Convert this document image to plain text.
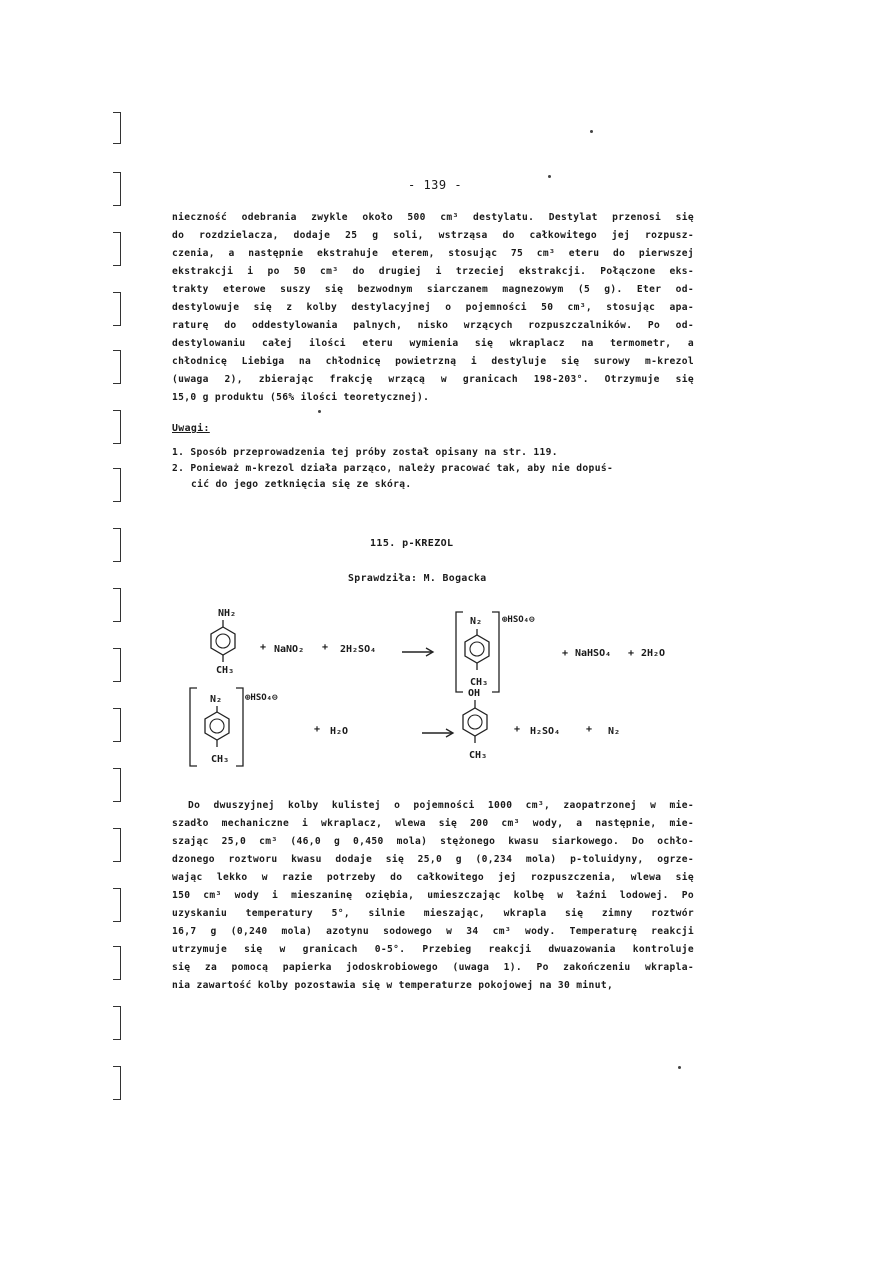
- 139 -
nieczność odebrania zwykle około 500 cm³ destylatu. Destylat przenosi się
do rozdzielacza, dodaje 25 g soli, wstrząsa do całkowitego jej rozpusz-
czenia, a następnie ekstrahuje eterem, stosując 75 cm³ eteru do pierwszej
ekstrakcji i po 50 cm³ do drugiej i trzeciej ekstrakcji. Połączone eks-
trakty eterowe suszy się bezwodnym siarczanem magnezowym (5 g). Eter od-
destylowuje się z kolby destylacyjnej o pojemności 50 cm³, stosując apa-
raturę do oddestylowania palnych, nisko wrzących rozpuszczalników. Po od-
destylowaniu całej ilości eteru wymienia się wkraplacz na termometr, a
chłodnicę Liebiga na chłodnicę powietrzną i destyluje się surowy m-krezol
(uwaga 2), zbierając frakcję wrzącą w granicach 198-203°. Otrzymuje się
15,0 g produktu (56% ilości teoretycznej).
Uwagi:
1. Sposób przeprowadzenia tej próby został opisany na str. 119.
2. Ponieważ m-krezol działa parząco, należy pracować tak, aby nie dopuś-
cić do jego zetknięcia się ze skórą.
115. p-KREZOL
Sprawdziła: M. Bogacka
NH₂
CH₃
+ NaNO₂ + 2H₂SO₄
N₂
CH₃
⊕HSO₄⊖
+ NaHSO₄ + 2H₂O
N₂
CH₃
⊕HSO₄⊖
+ H₂O
OH
CH₃
+ H₂SO₄	+ N₂
Do dwuszyjnej kolby kulistej o pojemności 1000 cm³, zaopatrzonej w mie-
szadło mechaniczne i wkraplacz, wlewa się 200 cm³ wody, a następnie, mie-
szając 25,0 cm³ (46,0 g 0,450 mola) stężonego kwasu siarkowego. Do ochło-
dzonego roztworu kwasu dodaje się 25,0 g (0,234 mola) p-toluidyny, ogrze-
wając lekko w razie potrzeby do całkowitego jej rozpuszczenia, wlewa się
150 cm³ wody i mieszaninę oziębia, umieszczając kolbę w łaźni lodowej. Po
uzyskaniu temperatury 5°, silnie mieszając, wkrapla się zimny roztwór
16,7 g (0,240 mola) azotynu sodowego w 34 cm³ wody. Temperaturę reakcji
utrzymuje się w granicach 0-5°. Przebieg reakcji dwuazowania kontroluje
się za pomocą papierka jodoskrobiowego (uwaga 1). Po zakończeniu wkrapla-
nia zawartość kolby pozostawia się w temperaturze pokojowej na 30 minut,
